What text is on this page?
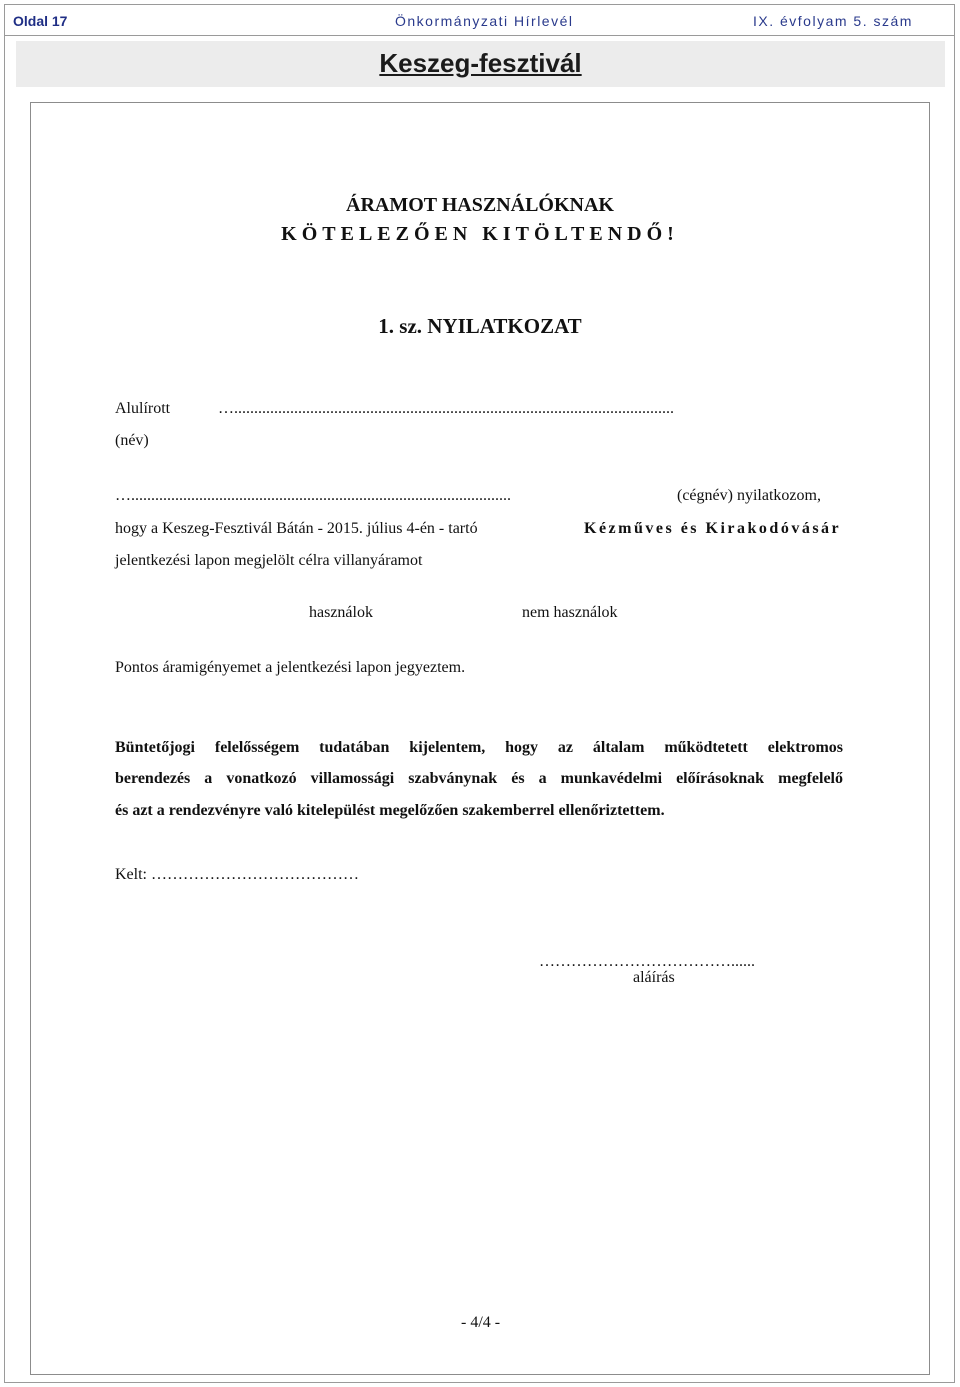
Oldal 17	Önkormányzati Hírlevél	IX. évfolyam 5. szám
Keszeg-fesztivál
ÁRAMOT HASZNÁLÓKNAK
KÖTELEZŐEN KITÖLTENDŐ!
1. sz. NYILATKOZAT
Alulírott	…..............................................................................................................
(név)
…...............................................................................................	(cégnév) nyilatkozom,
hogy a Keszeg-Fesztivál Bátán - 2015. július 4-én - tartó	Kézműves és Kirakodóvásár
jelentkezési lapon megjelölt célra villanyáramot
használok	nem használok
Pontos áramigényemet a jelentkezési lapon jegyeztem.
Büntetőjogi felelősségem tudatában kijelentem, hogy az általam működtetett elektromos
berendezés a vonatkozó villamossági szabványnak és a munkavédelmi előírásoknak megfelelő
és azt a rendezvényre való kitelepülést megelőzően szakemberrel ellenőriztettem.
Kelt: …………………………………
………………………………......
aláírás
- 4/4 -
